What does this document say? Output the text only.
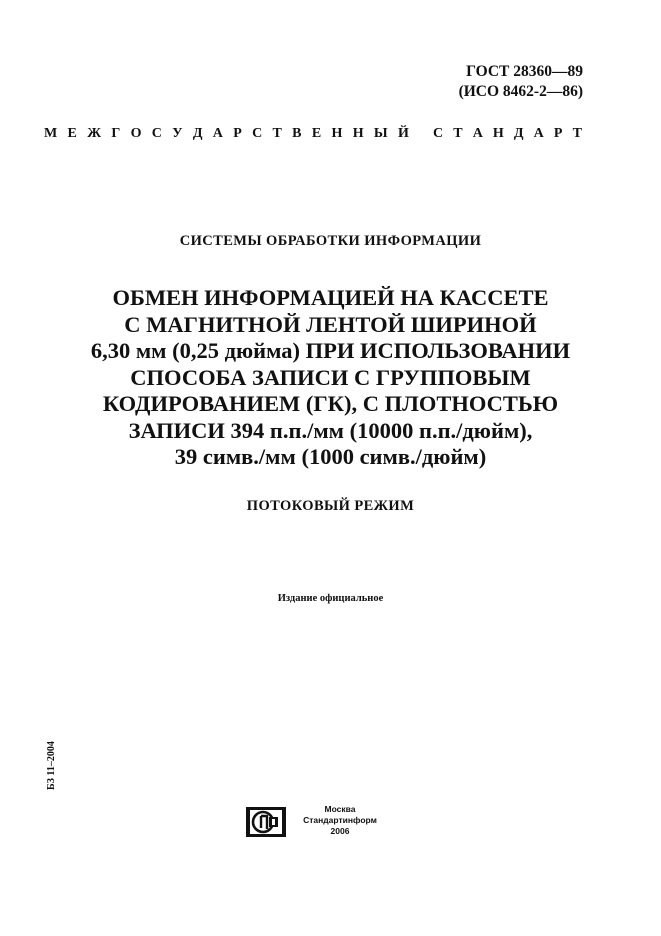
ГОСТ 28360—89
(ИСО 8462-2—86)
М Е Ж Г О С У Д А Р С Т В Е Н Н Ы Й С Т А Н Д А Р Т
СИСТЕМЫ ОБРАБОТКИ ИНФОРМАЦИИ
ОБМЕН ИНФОРМАЦИЕЙ НА КАССЕТЕ
С МАГНИТНОЙ ЛЕНТОЙ ШИРИНОЙ
6,30 мм (0,25 дюйма) ПРИ ИСПОЛЬЗОВАНИИ
СПОСОБА ЗАПИСИ С ГРУППОВЫМ
КОДИРОВАНИЕМ (ГК), С ПЛОТНОСТЬЮ
ЗАПИСИ 394 п.п./мм (10000 п.п./дюйм),
39 симв./мм (1000 симв./дюйм)
ПОТОКОВЫЙ РЕЖИМ
Издание официальное
БЗ 11–2004
Москва
Стандартинформ
2006
